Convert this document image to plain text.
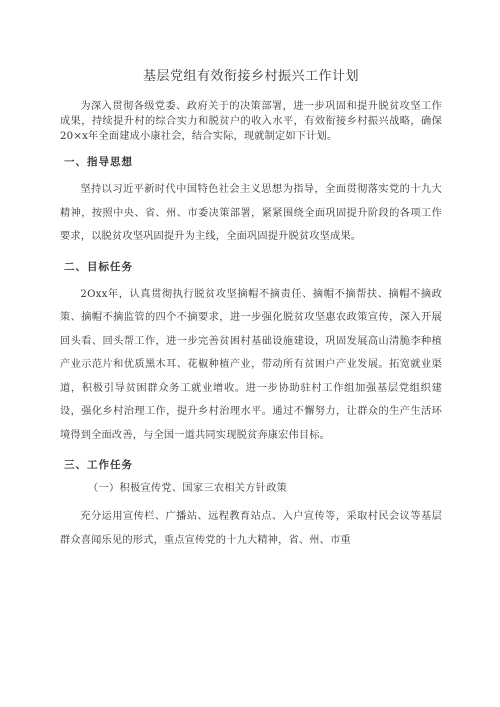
基层党组有效衔接乡村振兴工作计划

为深入贯彻各级党委、政府关于的决策部署，进一步巩固和提升脱贫攻坚工作成果，持续提升村的综合实力和脱贫户的收入水平，有效衔接乡村振兴战略，确保20×x年全面建成小康社会，结合实际，现就制定如下计划。

一、指导思想

坚持以习近平新时代中国特色社会主义思想为指导，全面贯彻落实党的十九大精神，按照中央、省、州、市委决策部署，紧紧围绕全面巩固提升阶段的各项工作要求，以脱贫攻坚巩固提升为主线，全面巩固提升脱贫攻坚成果。

二、目标任务

2Oxx年，认真贯彻执行脱贫攻坚摘帽不摘责任、摘帽不摘帮扶、摘帽不摘政策、摘帽不摘监管的四个不摘要求，进一步强化脱贫攻坚惠农政策宣传，深入开展回头看、回头帮工作，进一步完善贫困村基础设施建设，巩固发展高山清脆李种植产业示范片和优质黑木耳、花椒种植产业，带动所有贫困户产业发展。拓宽就业渠道，积极引导贫困群众务工就业增收。进一步协助驻村工作组加强基层党组织建设，强化乡村治理工作，提升乡村治理水平。通过不懈努力，让群众的生产生活环境得到全面改善，与全国一道共同实现脱贫奔康宏伟目标。

三、工作任务
（一）积极宣传党、国家三农相关方针政策

充分运用宣传栏、广播站、远程教育站点、入户宣传等，采取村民会议等基层群众喜闻乐见的形式，重点宣传党的十九大精神，省、州、市重
